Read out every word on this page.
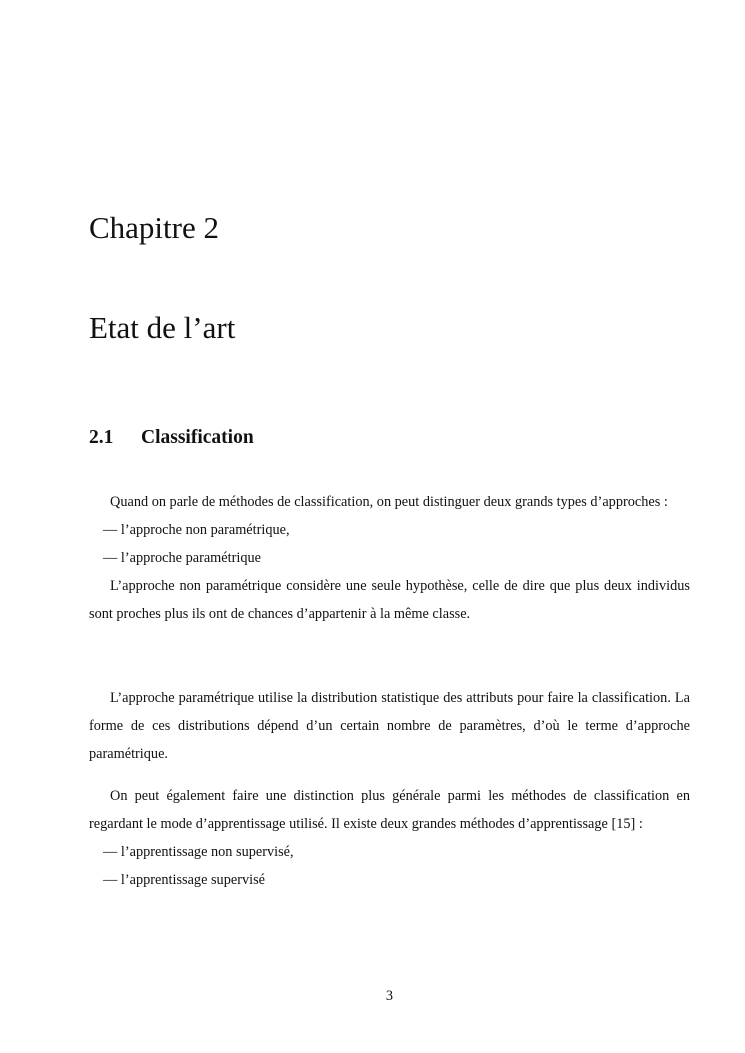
Chapitre 2
Etat de l’art
2.1 Classification

Quand on parle de méthodes de classification, on peut distinguer deux grands types d’approches :

— l’approche non paramétrique,

— l’approche paramétrique

L’approche non paramétrique considère une seule hypothèse, celle de dire que plus deux individus sont proches plus ils ont de chances d’appartenir à la même classe.

L’approche paramétrique utilise la distribution statistique des attributs pour faire la classification. La forme de ces distributions dépend d’un certain nombre de paramètres, d’où le terme d’approche paramétrique.

On peut également faire une distinction plus générale parmi les méthodes de classification en regardant le mode d’apprentissage utilisé. Il existe deux grandes méthodes d’apprentissage [15] :

— l’apprentissage non supervisé,

— l’apprentissage supervisé

3
